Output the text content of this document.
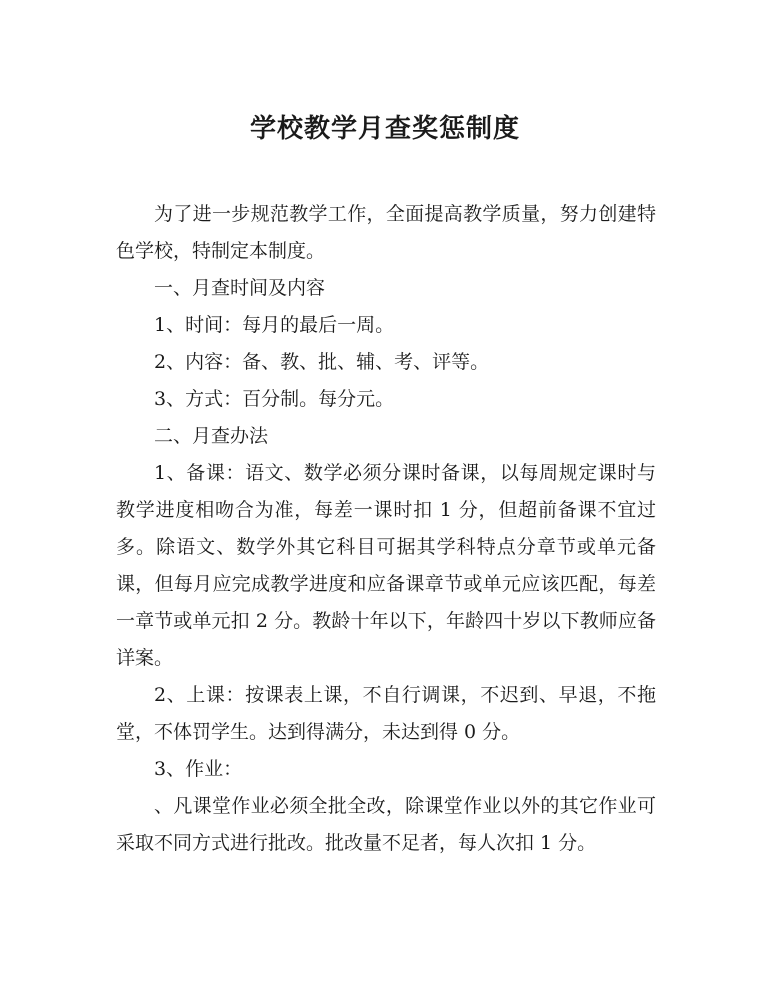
学校教学月查奖惩制度

为了进一步规范教学工作，全面提高教学质量，努力创建特色学校，特制定本制度。

一、月查时间及内容

1、时间：每月的最后一周。

2、内容：备、教、批、辅、考、评等。

3、方式：百分制。每分元。

二、月查办法

1、备课：语文、数学必须分课时备课，以每周规定课时与教学进度相吻合为准，每差一课时扣 1 分，但超前备课不宜过多。除语文、数学外其它科目可据其学科特点分章节或单元备课，但每月应完成教学进度和应备课章节或单元应该匹配，每差一章节或单元扣 2 分。教龄十年以下，年龄四十岁以下教师应备详案。

2、上课：按课表上课，不自行调课，不迟到、早退，不拖堂，不体罚学生。达到得满分，未达到得 0 分。

3、作业：

、凡课堂作业必须全批全改，除课堂作业以外的其它作业可采取不同方式进行批改。批改量不足者，每人次扣 1 分。
